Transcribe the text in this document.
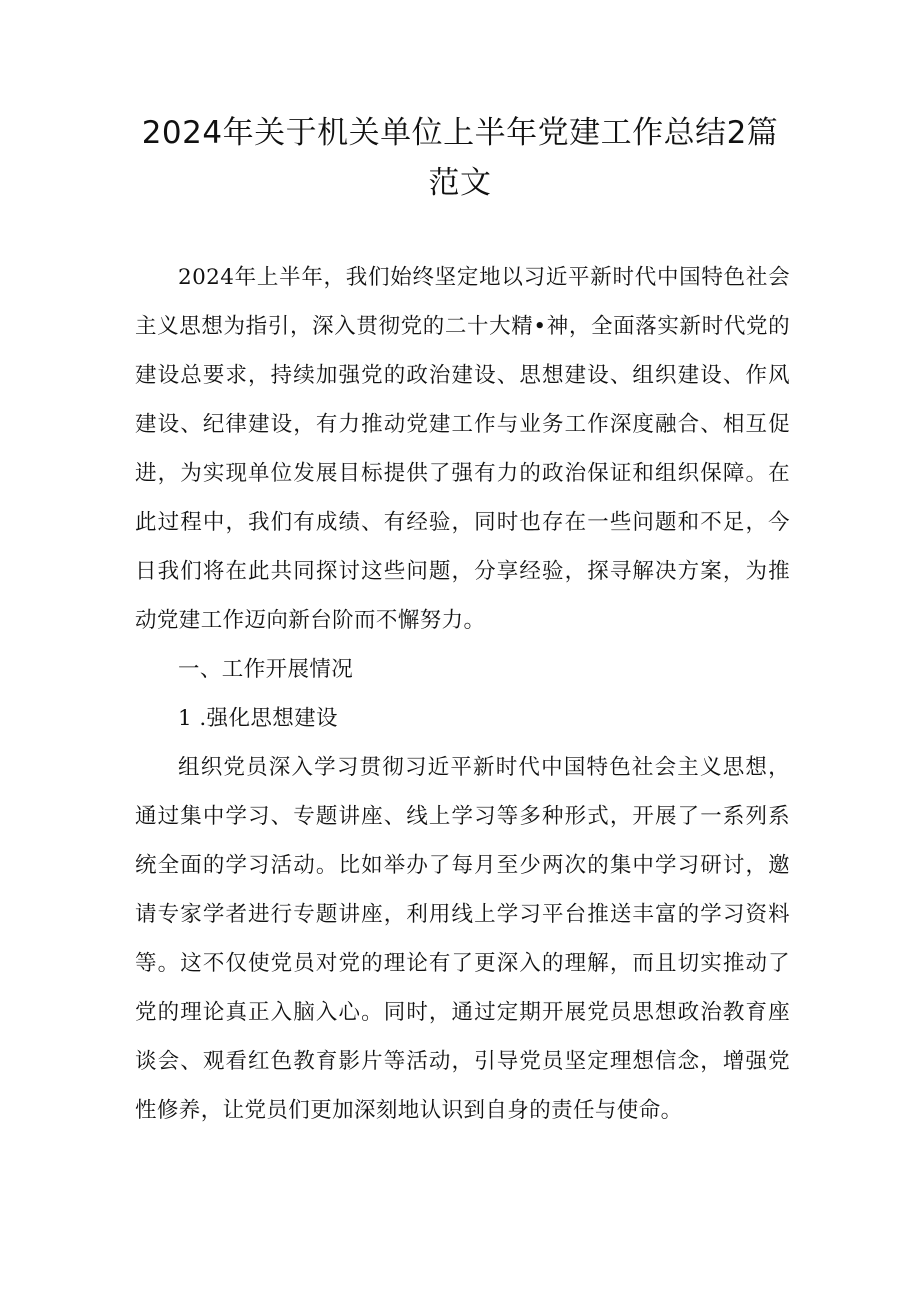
2024年关于机关单位上半年党建工作总结2篇范文

2024年上半年，我们始终坚定地以习近平新时代中国特色社会主义思想为指引，深入贯彻党的二十大精•神，全面落实新时代党的建设总要求，持续加强党的政治建设、思想建设、组织建设、作风建设、纪律建设，有力推动党建工作与业务工作深度融合、相互促进，为实现单位发展目标提供了强有力的政治保证和组织保障。在此过程中，我们有成绩、有经验，同时也存在一些问题和不足，今日我们将在此共同探讨这些问题，分享经验，探寻解决方案，为推动党建工作迈向新台阶而不懈努力。

一、工作开展情况

1 .强化思想建设

组织党员深入学习贯彻习近平新时代中国特色社会主义思想，通过集中学习、专题讲座、线上学习等多种形式，开展了一系列系统全面的学习活动。比如举办了每月至少两次的集中学习研讨，邀请专家学者进行专题讲座，利用线上学习平台推送丰富的学习资料等。这不仅使党员对党的理论有了更深入的理解，而且切实推动了党的理论真正入脑入心。同时，通过定期开展党员思想政治教育座谈会、观看红色教育影片等活动，引导党员坚定理想信念，增强党性修养，让党员们更加深刻地认识到自身的责任与使命。
